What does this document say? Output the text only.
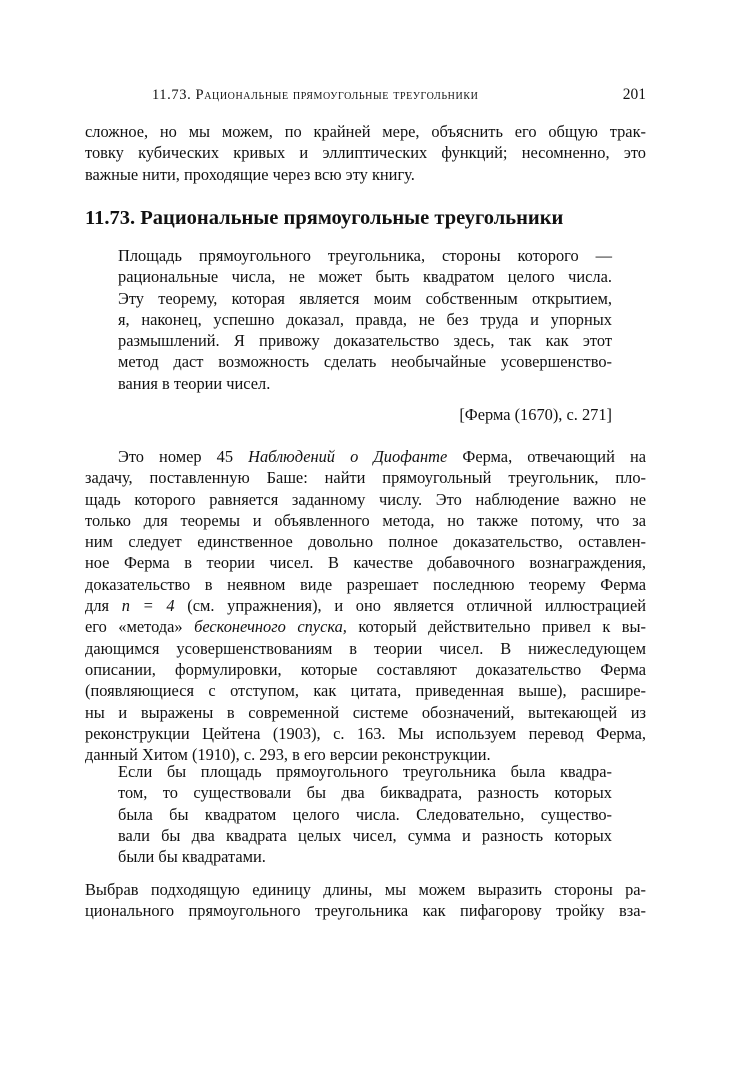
11.73. Рациональные прямоугольные треугольники	201
сложное, но мы можем, по крайней мере, объяснить его общую трак-
товку кубических кривых и эллиптических функций; несомненно, это
важные нити, проходящие через всю эту книгу.
11.73. Рациональные прямоугольные треугольники
Площадь прямоугольного треугольника, стороны которого —
рациональные числа, не может быть квадратом целого числа.
Эту теорему, которая является моим собственным открытием,
я, наконец, успешно доказал, правда, не без труда и упорных
размышлений. Я привожу доказательство здесь, так как этот
метод даст возможность сделать необычайные усовершенство-
вания в теории чисел.
[Ферма (1670), с. 271]
Это номер 45 Наблюдений о Диофанте Ферма, отвечающий на
задачу, поставленную Баше: найти прямоугольный треугольник, пло-
щадь которого равняется заданному числу. Это наблюдение важно не
только для теоремы и объявленного метода, но также потому, что за
ним следует единственное довольно полное доказательство, оставлен-
ное Ферма в теории чисел. В качестве добавочного вознаграждения,
доказательство в неявном виде разрешает последнюю теорему Ферма
для n = 4 (см. упражнения), и оно является отличной иллюстрацией
его «метода» бесконечного спуска, который действительно привел к вы-
дающимся усовершенствованиям в теории чисел. В нижеследующем
описании, формулировки, которые составляют доказательство Ферма
(появляющиеся с отступом, как цитата, приведенная выше), расшире-
ны и выражены в современной системе обозначений, вытекающей из
реконструкции Цейтена (1903), с. 163. Мы используем перевод Ферма,
данный Хитом (1910), с. 293, в его версии реконструкции.
Если бы площадь прямоугольного треугольника была квадра-
том, то существовали бы два биквадрата, разность которых
была бы квадратом целого числа. Следовательно, существо-
вали бы два квадрата целых чисел, сумма и разность которых
были бы квадратами.
Выбрав подходящую единицу длины, мы можем выразить стороны ра-
ционального прямоугольного треугольника как пифагорову тройку вза-
